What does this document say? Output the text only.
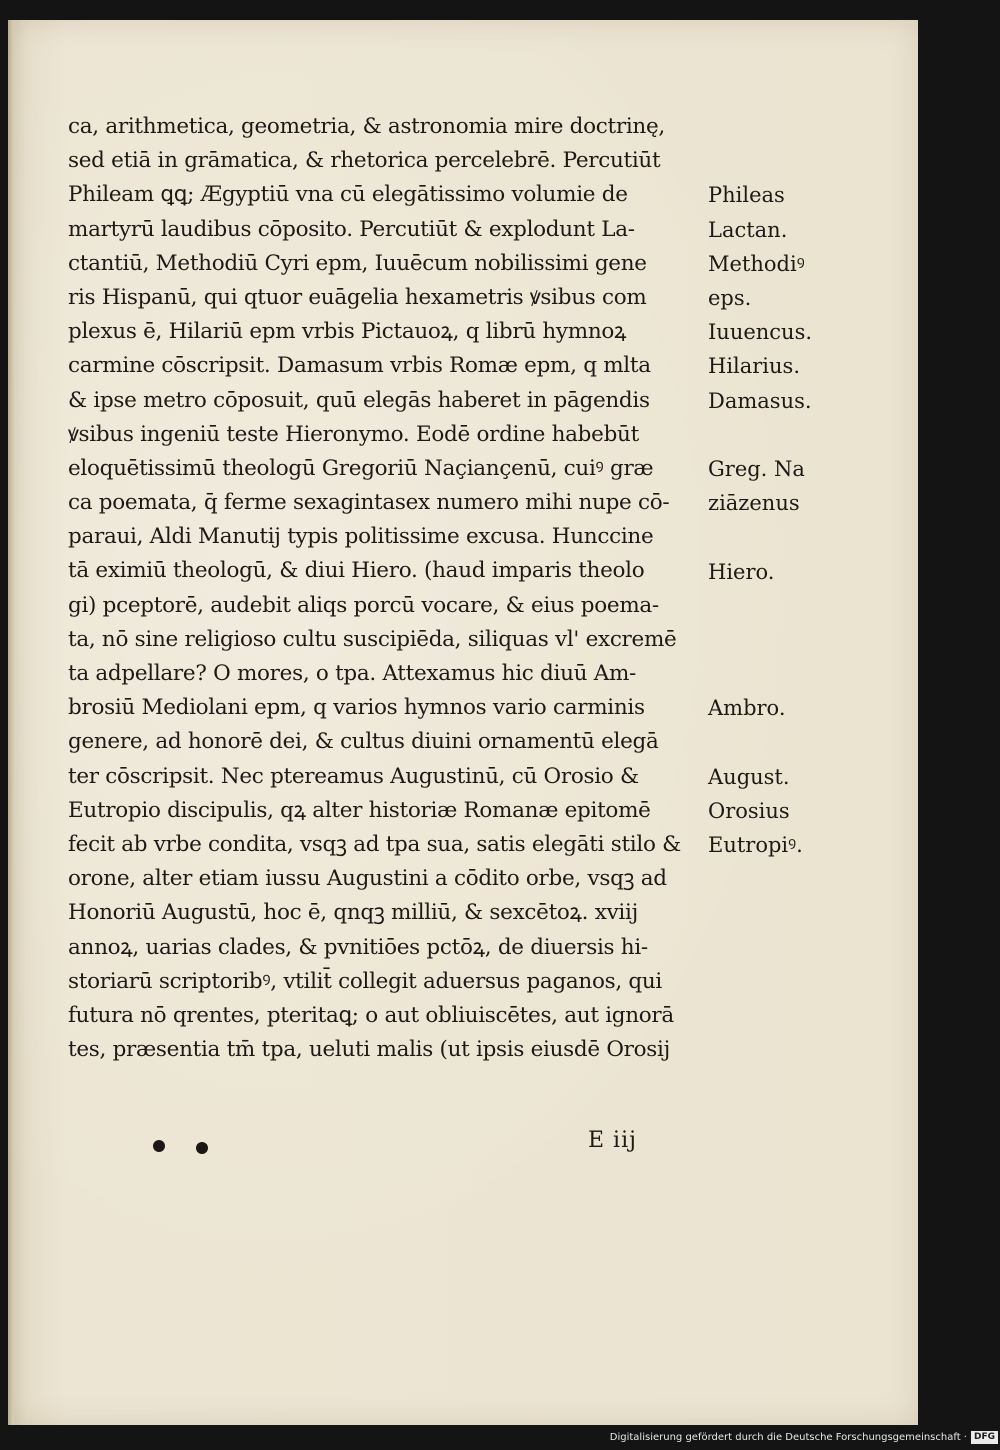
ca, arithmetica, geometria, & astronomia mire doctrinę,
sed etiā in grāmatica, & rhetorica percelebrē. Percutiūt
Phileam ꝗꝗ; Ægyptiū vna cū elegātissimo volumie de
martyrū laudibus cōposito. Percutiūt & explodunt La-
ctantiū, Methodiū Cyri epm, Iuuēcum nobilissimi gene
ris Hispanū, qui qtuor euāgelia hexametris ꝟsibus com
plexus ē, Hilariū epm vrbis Pictauoꝝ, q librū hymnoꝝ
carmine cōscripsit. Damasum vrbis Romæ epm, q mlta
& ipse metro cōposuit, quū elegās haberet in pāgendis
ꝟsibus ingeniū teste Hieronymo. Eodē ordine habebūt
eloquētissimū theologū Gregoriū Naçiançenū, cuiꝰ græ
ca poemata, q̄ ferme sexagintasex numero mihi nupe cō-
paraui, Aldi Manutij typis politissime excusa. Hunccine
tā eximiū theologū, & diui Hiero. (haud imparis theolo
gi) pceptorē, audebit aliqs porcū vocare, & eius poema-
ta, nō sine religioso cultu suscipiēda, siliquas vl' excremē
ta adpellare? O mores, o tpa. Attexamus hic diuū Am-
brosiū Mediolani epm, q varios hymnos vario carminis
genere, ad honorē dei, & cultus diuini ornamentū elegā
ter cōscripsit. Nec ptereamus Augustinū, cū Orosio &
Eutropio discipulis, qꝝ alter historiæ Romanæ epitomē
fecit ab vrbe condita, vsqꝫ ad tpa sua, satis elegāti stilo &
orone, alter etiam iussu Augustini a cōdito orbe, vsqꝫ ad
Honoriū Augustū, hoc ē, qnqꝫ milliū, & sexcētoꝝ. xviij
annoꝝ, uarias clades, & pvnitiōes pctōꝝ, de diuersis hi-
storiarū scriptoribꝰ, vtilit̄ collegit aduersus paganos, qui
futura nō qrentes, pteritaꝗ; o aut obliuiscētes, aut ignorā
tes, præsentia tm̄ tpa, ueluti malis (ut ipsis eiusdē Orosij
Phileas
Lactan.
Methodiꝰ
eps.
Iuuencus.
Hilarius.
Damasus.
Greg. Na
ziāzenus
Hiero.
Ambro.
August.
Orosius
Eutropiꝰ.
E iij
Digitalisierung gefördert durch die Deutsche Forschungsgemeinschaft · DFG
